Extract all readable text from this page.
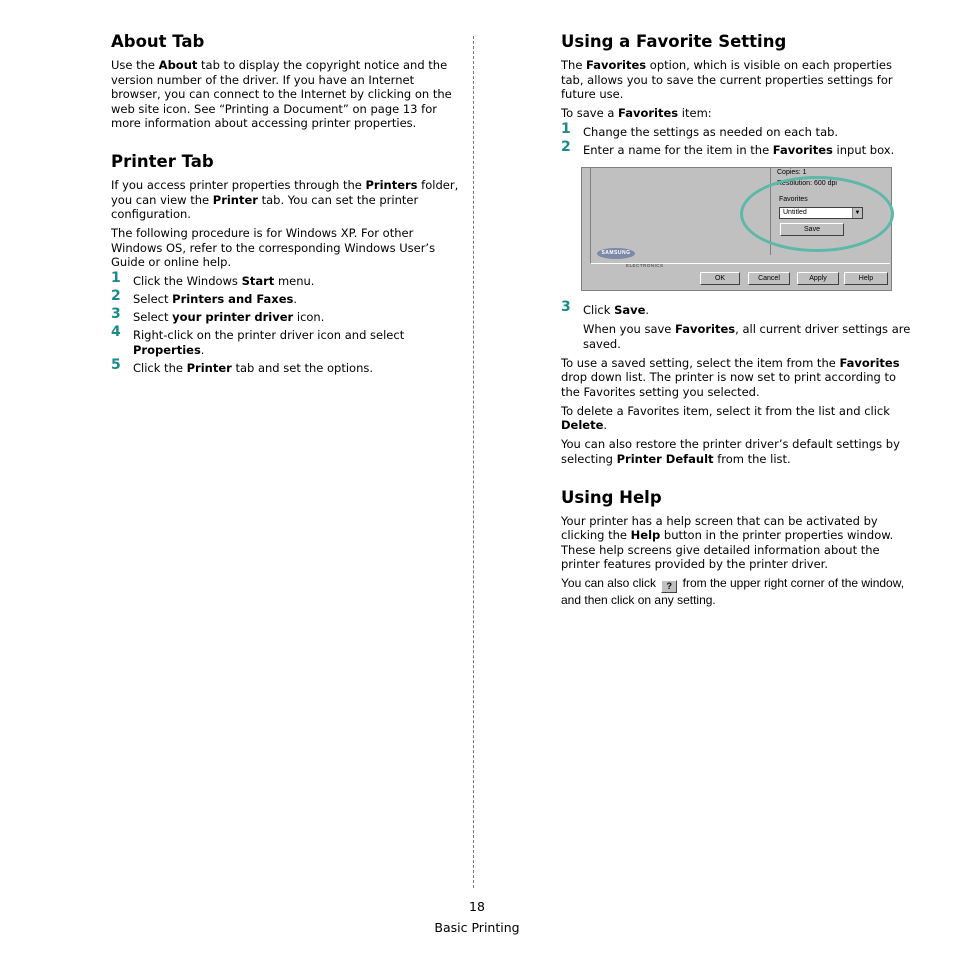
About Tab

Use the About tab to display the copyright notice and the version number of the driver. If you have an Internet browser, you can connect to the Internet by clicking on the web site icon. See “Printing a Document” on page 13 for more information about accessing printer properties.

Printer Tab

If you access printer properties through the Printers folder, you can view the Printer tab. You can set the printer configuration.

The following procedure is for Windows XP. For other Windows OS, refer to the corresponding Windows User’s Guide or online help.

1 Click the Windows Start menu.
2 Select Printers and Faxes.
3 Select your printer driver icon.
4 Right-click on the printer driver icon and select Properties.
5 Click the Printer tab and set the options.
Using a Favorite Setting

The Favorites option, which is visible on each properties tab, allows you to save the current properties settings for future use.

To save a Favorites item:

1 Change the settings as needed on each tab.
2 Enter a name for the item in the Favorites input box.
Copies: 1
Resolution: 600 dpi
Favorites
Untitled	▼
Save
SAMSUNG
ELECTRONICS
OK	Cancel	Apply	Help
3 Click Save.

When you save Favorites, all current driver settings are saved.

To use a saved setting, select the item from the Favorites drop down list. The printer is now set to print according to the Favorites setting you selected.

To delete a Favorites item, select it from the list and click Delete.

You can also restore the printer driver’s default settings by selecting Printer Default from the list.

Using Help

Your printer has a help screen that can be activated by clicking the Help button in the printer properties window. These help screens give detailed information about the printer features provided by the printer driver.

You can also click ? from the upper right corner of the window, and then click on any setting.

18
Basic Printing
